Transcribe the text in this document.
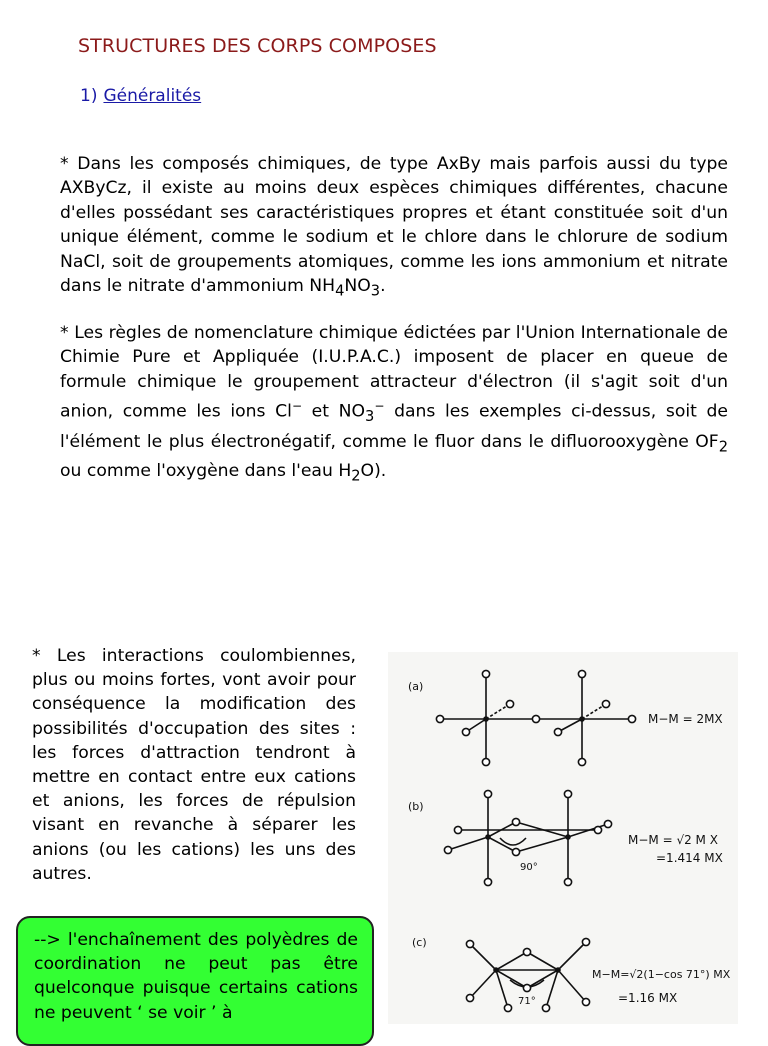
STRUCTURES DES CORPS COMPOSES
1) Généralités
* Dans les composés chimiques, de type AxBy mais parfois aussi du type AXByCz, il existe au moins deux espèces chimiques différentes, chacune d'elles possédant ses caractéristiques propres et étant constituée soit d'un unique élément, comme le sodium et le chlore dans le chlorure de sodium NaCl, soit de groupements atomiques, comme les ions ammonium et nitrate dans le nitrate d'ammonium $NH_4NO_3$.
* Les règles de nomenclature chimique édictées par l'Union Internationale de Chimie Pure et Appliquée (I.U.P.A.C.) imposent de placer en queue de formule chimique le groupement attracteur d'électron (il s'agit soit d'un anion, comme les ions Cl− et $NO_3^-$ dans les exemples ci-dessus, soit de l'élément le plus électronégatif, comme le fluor dans le difluorooxygène $OF_2$ ou comme l'oxygène dans l'eau $H_2O$).
* Les interactions coulombiennes, plus ou moins fortes, vont avoir pour conséquence la modification des possibilités d'occupation des sites : les forces d'attraction tendront à mettre en contact entre eux cations et anions, les forces de répulsion visant en revanche à séparer les anions (ou les cations) les uns des autres.
--> l'enchaînement des polyèdres de coordination ne peut pas être quelconque puisque certains cations ne peuvent ‘ se voir ’ à
(a)
(b)
(c)
M−M = 2MX
M−M = √2 M X
=1.414 MX
90°
M−M=√2(1−cos 71°) MX
=1.16 MX
71°
